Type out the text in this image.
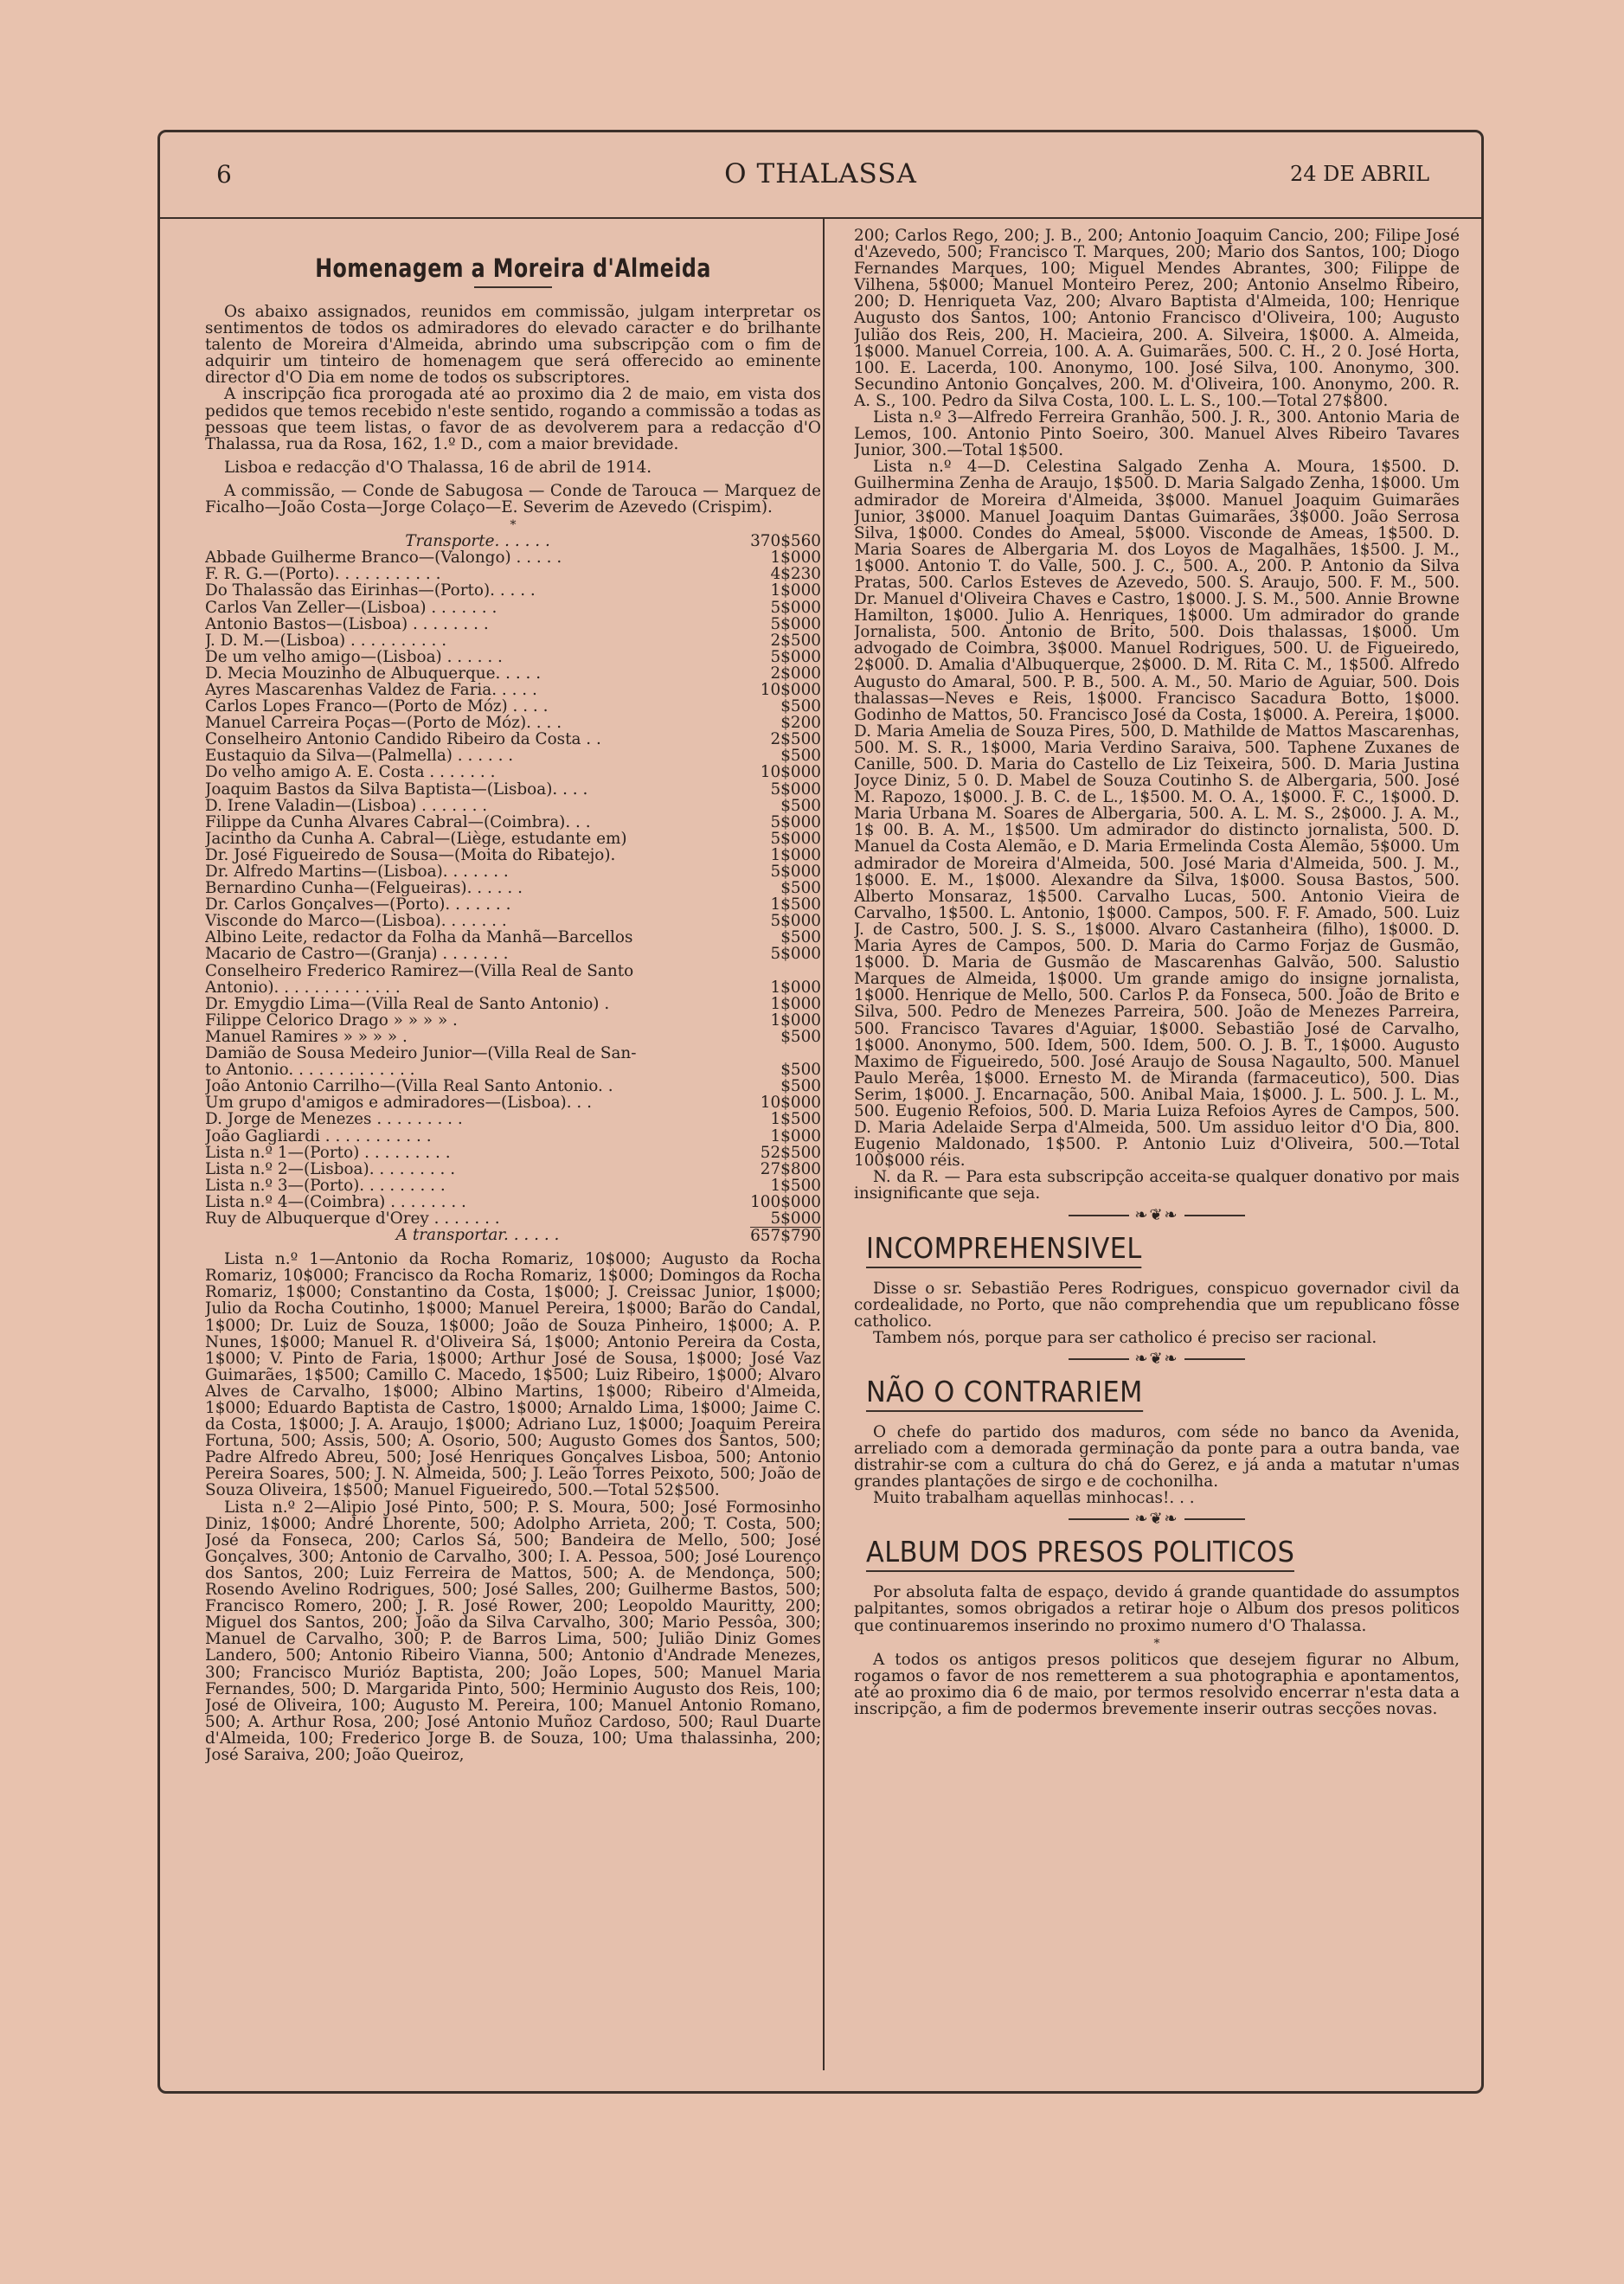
6	O THALASSA	24 DE ABRIL
Homenagem a Moreira d'Almeida

Os abaixo assignados, reunidos em commissão, julgam interpretar os sentimentos de todos os admiradores do elevado caracter e do brilhante talento de Moreira d'Almeida, abrindo uma subscripção com o fim de adquirir um tinteiro de homenagem que será offerecido ao eminente director d'O Dia em nome de todos os subscriptores.

A inscripção fica prorogada até ao proximo dia 2 de maio, em vista dos pedidos que temos recebido n'este sentido, rogando a commissão a todas as pessoas que teem listas, o favor de as devolverem para a redacção d'O Thalassa, rua da Rosa, 162, 1.º D., com a maior brevidade.

Lisboa e redacção d'O Thalassa, 16 de abril de 1914.

A commissão, — Conde de Sabugosa — Conde de Tarouca — Marquez de Ficalho—João Costa—Jorge Colaço—E. Severim de Azevedo (Crispim).

*
Transporte. . . . . .	370$560
Abbade Guilherme Branco—(Valongo) . . . . .	1$000
F. R. G.—(Porto). . . . . . . . . . .	4$230
Do Thalassão das Eirinhas—(Porto). . . . .	1$000
Carlos Van Zeller—(Lisboa) . . . . . . .	5$000
Antonio Bastos—(Lisboa) . . . . . . . .	5$000
J. D. M.—(Lisboa) . . . . . . . . . .	2$500
De um velho amigo—(Lisboa) . . . . . .	5$000
D. Mecia Mouzinho de Albuquerque. . . . .	2$000
Ayres Mascarenhas Valdez de Faria. . . . .	10$000
Carlos Lopes Franco—(Porto de Móz) . . . .	$500
Manuel Carreira Poças—(Porto de Móz). . . .	$200
Conselheiro Antonio Candido Ribeiro da Costa . .	2$500
Eustaquio da Silva—(Palmella) . . . . . .	$500
Do velho amigo A. E. Costa . . . . . . .	10$000
Joaquim Bastos da Silva Baptista—(Lisboa). . . .	5$000
D. Irene Valadin—(Lisboa) . . . . . . .	$500
Filippe da Cunha Alvares Cabral—(Coimbra). . .	5$000
Jacintho da Cunha A. Cabral—(Liège, estudante em)	5$000
Dr. José Figueiredo de Sousa—(Moita do Ribatejo).	1$000
Dr. Alfredo Martins—(Lisboa). . . . . . .	5$000
Bernardino Cunha—(Felgueiras). . . . . .	$500
Dr. Carlos Gonçalves—(Porto). . . . . . .	1$500
Visconde do Marco—(Lisboa). . . . . . .	5$000
Albino Leite, redactor da Folha da Manhã—Barcellos	$500
Macario de Castro—(Granja) . . . . . . .	5$000
Conselheiro Frederico Ramirez—(Villa Real de Santo
Antonio). . . . . . . . . . . . .	1$000
Dr. Emygdio Lima—(Villa Real de Santo Antonio) .	1$000
Filippe Celorico Drago » » » » .	1$000
Manuel Ramires » » » » .	$500
Damião de Sousa Medeiro Junior—(Villa Real de San-
to Antonio. . . . . . . . . . . . .	$500
João Antonio Carrilho—(Villa Real Santo Antonio. .	$500
Um grupo d'amigos e admiradores—(Lisboa). . .	10$000
D. Jorge de Menezes . . . . . . . . .	1$500
João Gagliardi . . . . . . . . . . .	1$000
Lista n.º 1—(Porto) . . . . . . . . .	52$500
Lista n.º 2—(Lisboa). . . . . . . . .	27$800
Lista n.º 3—(Porto). . . . . . . . .	1$500
Lista n.º 4—(Coimbra) . . . . . . . .	100$000
Ruy de Albuquerque d'Orey . . . . . . .	5$000
A transportar. . . . . .	657$790

Lista n.º 1—Antonio da Rocha Romariz, 10$000; Augusto da Rocha Romariz, 10$000; Francisco da Rocha Romariz, 1$000; Domingos da Rocha Romariz, 1$000; Constantino da Costa, 1$000; J. Creissac Junior, 1$000; Julio da Rocha Coutinho, 1$000; Manuel Pereira, 1$000; Barão do Candal, 1$000; Dr. Luiz de Souza, 1$000; João de Souza Pinheiro, 1$000; A. P. Nunes, 1$000; Manuel R. d'Oliveira Sá, 1$000; Antonio Pereira da Costa, 1$000; V. Pinto de Faria, 1$000; Arthur José de Sousa, 1$000; José Vaz Guimarães, 1$500; Camillo C. Macedo, 1$500; Luiz Ribeiro, 1$000; Alvaro Alves de Carvalho, 1$000; Albino Martins, 1$000; Ribeiro d'Almeida, 1$000; Eduardo Baptista de Castro, 1$000; Arnaldo Lima, 1$000; Jaime C. da Costa, 1$000; J. A. Araujo, 1$000; Adriano Luz, 1$000; Joaquim Pereira Fortuna, 500; Assis, 500; A. Osorio, 500; Augusto Gomes dos Santos, 500; Padre Alfredo Abreu, 500; José Henriques Gonçalves Lisboa, 500; Antonio Pereira Soares, 500; J. N. Almeida, 500; J. Leão Torres Peixoto, 500; João de Souza Oliveira, 1$500; Manuel Figueiredo, 500.—Total 52$500.

Lista n.º 2—Alipio José Pinto, 500; P. S. Moura, 500; José Formosinho Diniz, 1$000; André Lhorente, 500; Adolpho Arrieta, 200; T. Costa, 500; José da Fonseca, 200; Carlos Sá, 500; Bandeira de Mello, 500; José Gonçalves, 300; Antonio de Carvalho, 300; I. A. Pessoa, 500; José Lourenço dos Santos, 200; Luiz Ferreira de Mattos, 500; A. de Mendonça, 500; Rosendo Avelino Rodrigues, 500; José Salles, 200; Guilherme Bastos, 500; Francisco Romero, 200; J. R. José Rower, 200; Leopoldo Mauritty, 200; Miguel dos Santos, 200; João da Silva Carvalho, 300; Mario Pessôa, 300; Manuel de Carvalho, 300; P. de Barros Lima, 500; Julião Diniz Gomes Landero, 500; Antonio Ribeiro Vianna, 500; Antonio d'Andrade Menezes, 300; Francisco Murióz Baptista, 200; João Lopes, 500; Manuel Maria Fernandes, 500; D. Margarida Pinto, 500; Herminio Augusto dos Reis, 100; José de Oliveira, 100; Augusto M. Pereira, 100; Manuel Antonio Romano, 500; A. Arthur Rosa, 200; José Antonio Muñoz Cardoso, 500; Raul Duarte d'Almeida, 100; Frederico Jorge B. de Souza, 100; Uma thalassinha, 200; José Saraiva, 200; João Queiroz,

200; Carlos Rego, 200; J. B., 200; Antonio Joaquim Cancio, 200; Filipe José d'Azevedo, 500; Francisco T. Marques, 200; Mario dos Santos, 100; Diogo Fernandes Marques, 100; Miguel Mendes Abrantes, 300; Filippe de Vilhena, 5$000; Manuel Monteiro Perez, 200; Antonio Anselmo Ribeiro, 200; D. Henriqueta Vaz, 200; Alvaro Baptista d'Almeida, 100; Henrique Augusto dos Santos, 100; Antonio Francisco d'Oliveira, 100; Augusto Julião dos Reis, 200, H. Macieira, 200. A. Silveira, 1$000. A. Almeida, 1$000. Manuel Correia, 100. A. A. Guimarães, 500. C. H., 2 0. José Horta, 100. E. Lacerda, 100. Anonymo, 100. José Silva, 100. Anonymo, 300. Secundino Antonio Gonçalves, 200. M. d'Oliveira, 100. Anonymo, 200. R. A. S., 100. Pedro da Silva Costa, 100. L. L. S., 100.—Total 27$800.

Lista n.º 3—Alfredo Ferreira Granhão, 500. J. R., 300. Antonio Maria de Lemos, 100. Antonio Pinto Soeiro, 300. Manuel Alves Ribeiro Tavares Junior, 300.—Total 1$500.

Lista n.º 4—D. Celestina Salgado Zenha A. Moura, 1$500. D. Guilhermina Zenha de Araujo, 1$500. D. Maria Salgado Zenha, 1$000. Um admirador de Moreira d'Almeida, 3$000. Manuel Joaquim Guimarães Junior, 3$000. Manuel Joaquim Dantas Guimarães, 3$000. João Serrosa Silva, 1$000. Condes do Ameal, 5$000. Visconde de Ameas, 1$500. D. Maria Soares de Albergaria M. dos Loyos de Magalhães, 1$500. J. M., 1$000. Antonio T. do Valle, 500. J. C., 500. A., 200. P. Antonio da Silva Pratas, 500. Carlos Esteves de Azevedo, 500. S. Araujo, 500. F. M., 500. Dr. Manuel d'Oliveira Chaves e Castro, 1$000. J. S. M., 500. Annie Browne Hamilton, 1$000. Julio A. Henriques, 1$000. Um admirador do grande Jornalista, 500. Antonio de Brito, 500. Dois thalassas, 1$000. Um advogado de Coimbra, 3$000. Manuel Rodrigues, 500. U. de Figueiredo, 2$000. D. Amalia d'Albuquerque, 2$000. D. M. Rita C. M., 1$500. Alfredo Augusto do Amaral, 500. P. B., 500. A. M., 50. Mario de Aguiar, 500. Dois thalassas—Neves e Reis, 1$000. Francisco Sacadura Botto, 1$000. Godinho de Mattos, 50. Francisco José da Costa, 1$000. A. Pereira, 1$000. D. Maria Amelia de Souza Pires, 500, D. Mathilde de Mattos Mascarenhas, 500. M. S. R., 1$000, Maria Verdino Saraiva, 500. Taphene Zuxanes de Canille, 500. D. Maria do Castello de Liz Teixeira, 500. D. Maria Justina Joyce Diniz, 5 0. D. Mabel de Souza Coutinho S. de Albergaria, 500. José M. Rapozo, 1$000. J. B. C. de L., 1$500. M. O. A., 1$000. F. C., 1$000. D. Maria Urbana M. Soares de Albergaria, 500. A. L. M. S., 2$000. J. A. M., 1$ 00. B. A. M., 1$500. Um admirador do distincto jornalista, 500. D. Manuel da Costa Alemão, e D. Maria Ermelinda Costa Alemão, 5$000. Um admirador de Moreira d'Almeida, 500. José Maria d'Almeida, 500. J. M., 1$000. E. M., 1$000. Alexandre da Silva, 1$000. Sousa Bastos, 500. Alberto Monsaraz, 1$500. Carvalho Lucas, 500. Antonio Vieira de Carvalho, 1$500. L. Antonio, 1$000. Campos, 500. F. F. Amado, 500. Luiz J. de Castro, 500. J. S. S., 1$000. Alvaro Castanheira (filho), 1$000. D. Maria Ayres de Campos, 500. D. Maria do Carmo Forjaz de Gusmão, 1$000. D. Maria de Gusmão de Mascarenhas Galvão, 500. Salustio Marques de Almeida, 1$000. Um grande amigo do insigne jornalista, 1$000. Henrique de Mello, 500. Carlos P. da Fonseca, 500. João de Brito e Silva, 500. Pedro de Menezes Parreira, 500. João de Menezes Parreira, 500. Francisco Tavares d'Aguiar, 1$000. Sebastião José de Carvalho, 1$000. Anonymo, 500. Idem, 500. Idem, 500. O. J. B. T., 1$000. Augusto Maximo de Figueiredo, 500. José Araujo de Sousa Nagaulto, 500. Manuel Paulo Merêa, 1$000. Ernesto M. de Miranda (farmaceutico), 500. Dias Serim, 1$000. J. Encarnação, 500. Anibal Maia, 1$000. J. L. 500. J. L. M., 500. Eugenio Refoios, 500. D. Maria Luiza Refoios Ayres de Campos, 500. D. Maria Adelaide Serpa d'Almeida, 500. Um assiduo leitor d'O Dia, 800. Eugenio Maldonado, 1$500. P. Antonio Luiz d'Oliveira, 500.—Total 100$000 réis.

N. da R. — Para esta subscripção acceita-se qualquer donativo por mais insignificante que seja.

❧❦❧
INCOMPREHENSIVEL

Disse o sr. Sebastião Peres Rodrigues, conspicuo governador civil da cordealidade, no Porto, que não comprehendia que um republicano fôsse catholico.

Tambem nós, porque para ser catholico é preciso ser racional.

❧❦❧
NÃO O CONTRARIEM

O chefe do partido dos maduros, com séde no banco da Avenida, arreliado com a demorada germinação da ponte para a outra banda, vae distrahir-se com a cultura do chá do Gerez, e já anda a matutar n'umas grandes plantações de sirgo e de cochonilha.

Muito trabalham aquellas minhocas!. . .

❧❦❧
ALBUM DOS PRESOS POLITICOS

Por absoluta falta de espaço, devido á grande quantidade do assumptos palpitantes, somos obrigados a retirar hoje o Album dos presos politicos que continuaremos inserindo no proximo numero d'O Thalassa.

*

A todos os antigos presos politicos que desejem figurar no Album, rogamos o favor de nos remetterem a sua photographia e apontamentos, até ao proximo dia 6 de maio, por termos resolvido encerrar n'esta data a inscripção, a fim de podermos brevemente inserir outras secções novas.
